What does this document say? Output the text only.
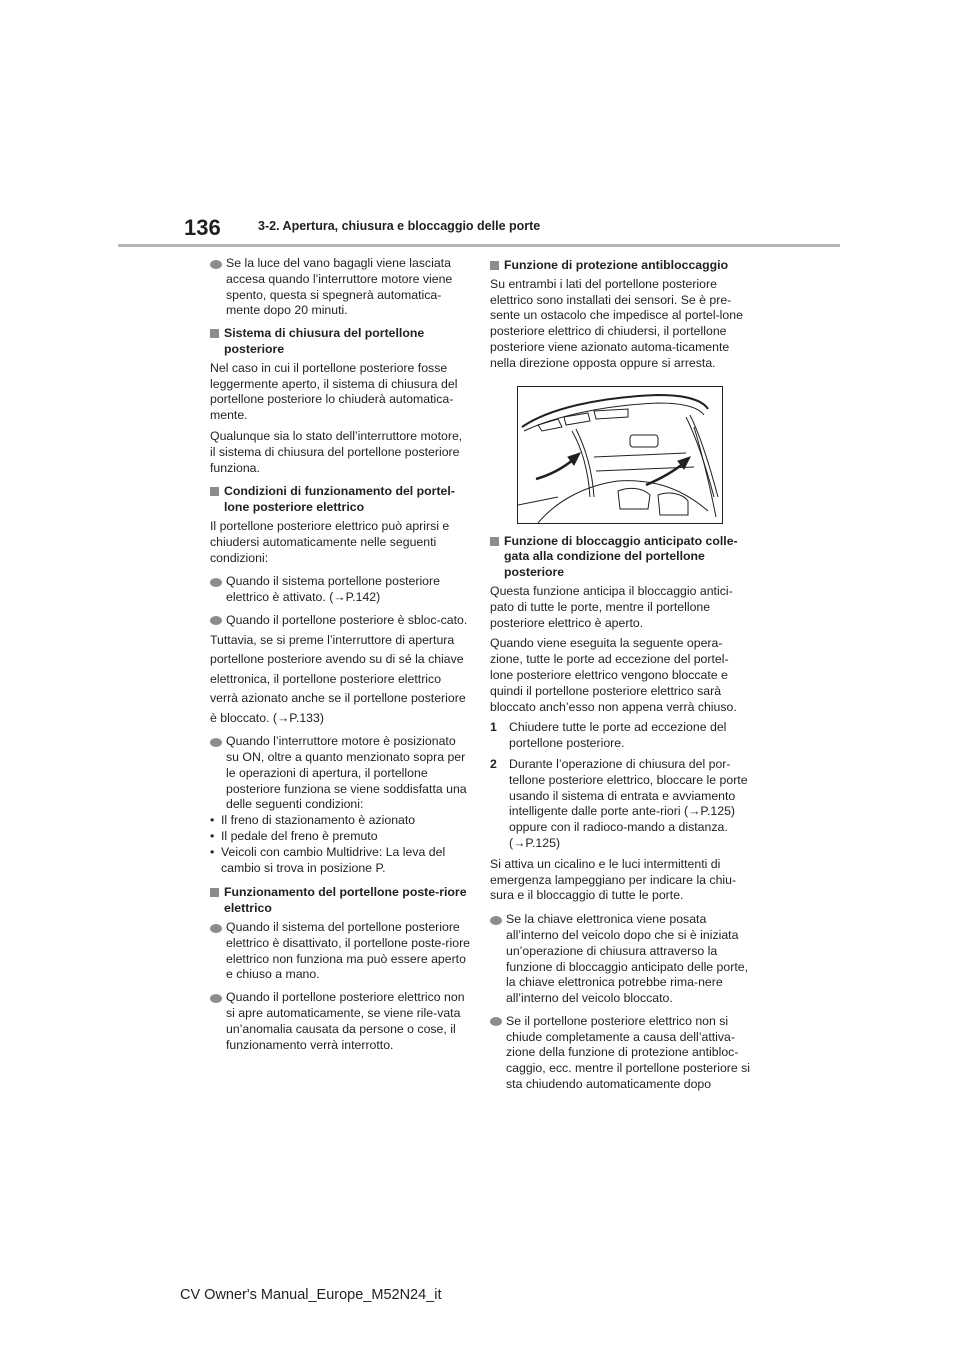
136	3-2. Apertura, chiusura e bloccaggio delle porte
Se la luce del vano bagagli viene lasciata accesa quando l’interruttore motore viene spento, questa si spegnerà automatica-mente dopo 20 minuti.
Sistema di chiusura del portellone posteriore
Nel caso in cui il portellone posteriore fosse leggermente aperto, il sistema di chiusura del portellone posteriore lo chiuderà automatica-mente.
Qualunque sia lo stato dell’interruttore motore, il sistema di chiusura del portellone posteriore funziona.
Condizioni di funzionamento del portel-lone posteriore elettrico
Il portellone posteriore elettrico può aprirsi e chiudersi automaticamente nelle seguenti condizioni:
Quando il sistema portellone posteriore elettrico è attivato. (→P.142)
Quando il portellone posteriore è sbloc-cato.
Tuttavia, se si preme l’interruttore di apertura portellone posteriore avendo su di sé la chiave elettronica, il portellone posteriore elettrico verrà azionato anche se il portellone posteriore è bloccato. (→P.133)
Quando l’interruttore motore è posizionato su ON, oltre a quanto menzionato sopra per le operazioni di apertura, il portellone posteriore funziona se viene soddisfatta una delle seguenti condizioni:
• Il freno di stazionamento è azionato
• Il pedale del freno è premuto
• Veicoli con cambio Multidrive: La leva del cambio si trova in posizione P.
Funzionamento del portellone poste-riore elettrico
Quando il sistema del portellone posteriore elettrico è disattivato, il portellone poste-riore elettrico non funziona ma può essere aperto e chiuso a mano.
Quando il portellone posteriore elettrico non si apre automaticamente, se viene rile-vata un’anomalia causata da persone o cose, il funzionamento verrà interrotto.
Funzione di protezione antibloccaggio
Su entrambi i lati del portellone posteriore elettrico sono installati dei sensori. Se è pre-sente un ostacolo che impedisce al portel-lone posteriore elettrico di chiudersi, il portellone posteriore viene azionato automa-ticamente nella direzione opposta oppure si arresta.
Funzione di bloccaggio anticipato colle-gata alla condizione del portellone posteriore
Questa funzione anticipa il bloccaggio antici-pato di tutte le porte, mentre il portellone posteriore elettrico è aperto.
Quando viene eseguita la seguente opera-zione, tutte le porte ad eccezione del portel-lone posteriore elettrico vengono bloccate e quindi il portellone posteriore elettrico sarà bloccato anch’esso non appena verrà chiuso.
1 Chiudere tutte le porte ad eccezione del portellone posteriore.
2 Durante l’operazione di chiusura del por-tellone posteriore elettrico, bloccare le porte usando il sistema di entrata e avviamento intelligente dalle porte ante-riori (→P.125) oppure con il radioco-mando a distanza. (→P.125)
Si attiva un cicalino e le luci intermittenti di emergenza lampeggiano per indicare la chiu-sura e il bloccaggio di tutte le porte.
Se la chiave elettronica viene posata all’interno del veicolo dopo che si è iniziata un’operazione di chiusura attraverso la funzione di bloccaggio anticipato delle porte, la chiave elettronica potrebbe rima-nere all’interno del veicolo bloccato.
Se il portellone posteriore elettrico non si chiude completamente a causa dell’attiva-zione della funzione di protezione antibloc-caggio, ecc. mentre il portellone posteriore si sta chiudendo automaticamente dopo
CV Owner's Manual_Europe_M52N24_it
